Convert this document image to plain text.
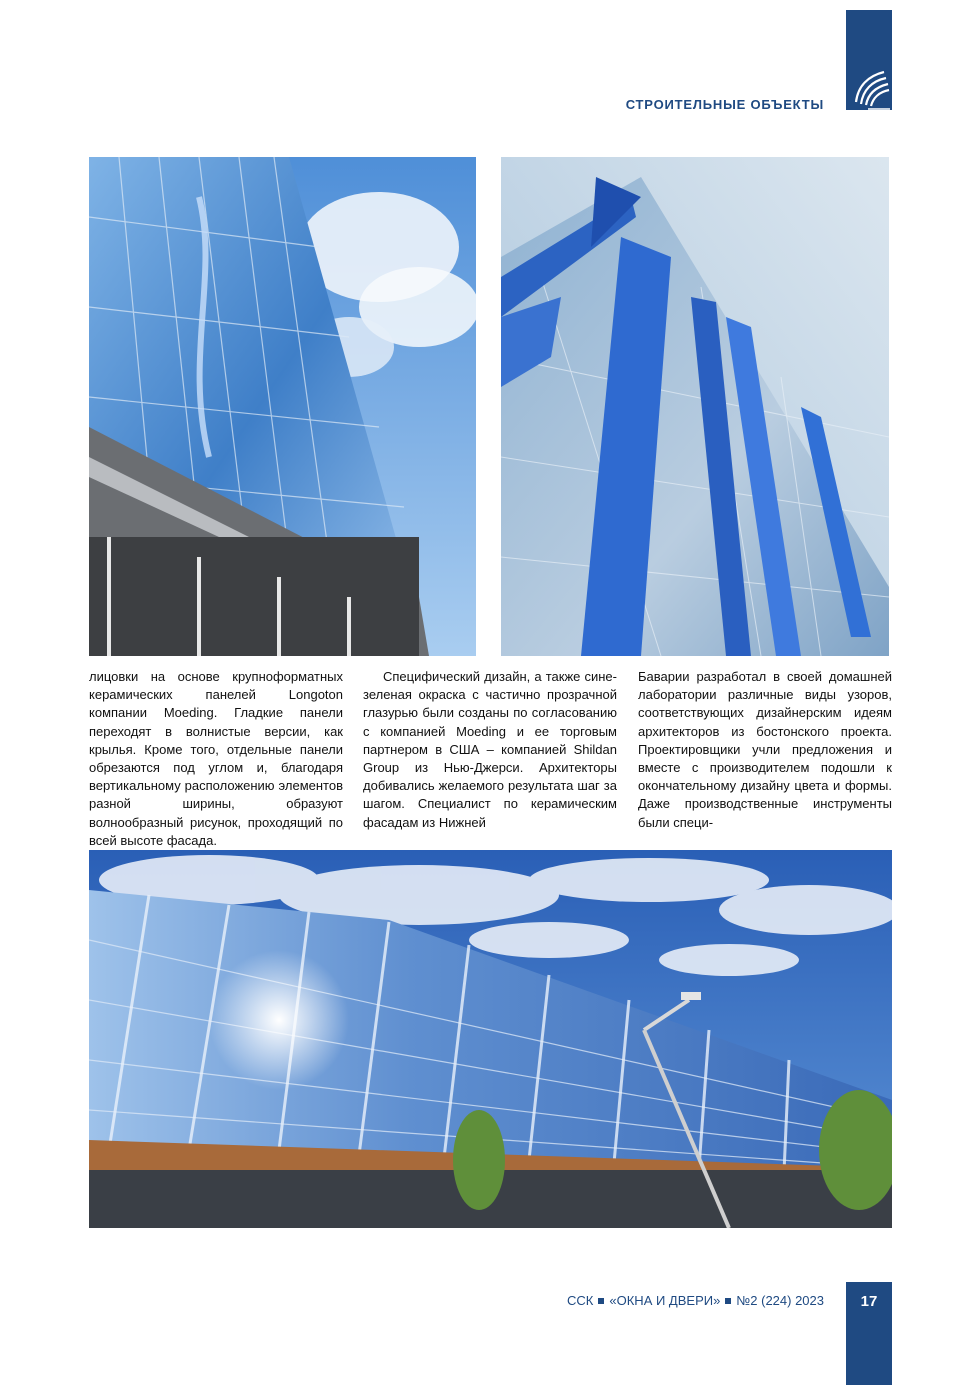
СТРОИТЕЛЬНЫЕ ОБЪЕКТЫ

лицовки на основе крупноформатных керамических панелей Longoton компании Moeding. Гладкие панели переходят в волнистые версии, как крылья. Кроме того, отдельные панели обрезаются под углом и, благодаря вертикальному расположению элементов разной ширины, образуют волнообразный рисунок, проходящий по всей высоте фасада.

Специфический дизайн, а также сине-зеленая окраска с частично прозрачной глазурью были созданы по согласованию с компанией Moeding и ее торговым партнером в США – компанией Shildan Group из Нью-Джерси. Архитекторы добивались желаемого результата шаг за шагом. Специалист по керамическим фасадам из Нижней

Баварии разработал в своей домашней лаборатории различные виды узоров, соответствующих дизайнерским идеям архитекторов из бостонского проекта. Проектировщики учли предложения и вместе с производителем подошли к окончательному дизайну цвета и формы. Даже производственные инструменты были специ-

ССК «ОКНА И ДВЕРИ» №2 (224) 2023	17
